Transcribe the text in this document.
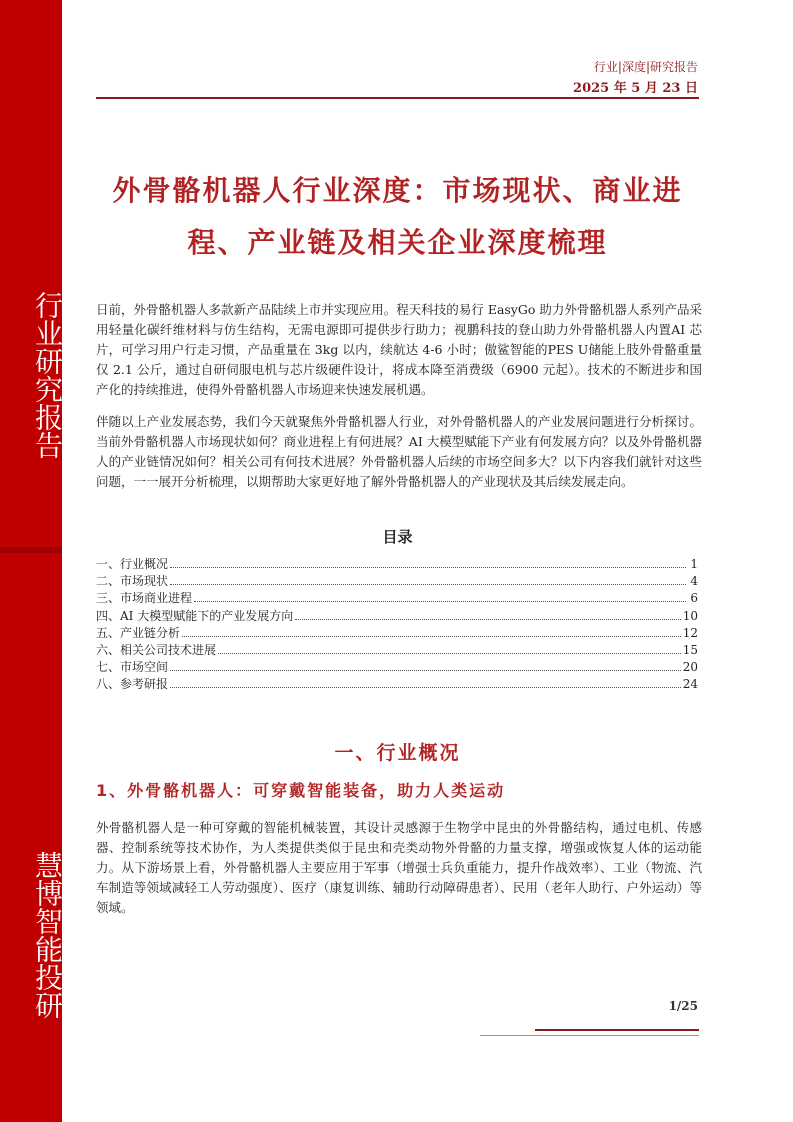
行业研究报告
慧博智能投研
行业|深度|研究报告
2025 年 5 月 23 日
外骨骼机器人行业深度：市场现状、商业进程、产业链及相关企业深度梳理
日前，外骨骼机器人多款新产品陆续上市并实现应用。程天科技的易行 EasyGo 助力外骨骼机器人系列产品采用轻量化碳纤维材料与仿生结构，无需电源即可提供步行助力；视鹏科技的登山助力外骨骼机器人内置AI 芯片，可学习用户行走习惯，产品重量在 3kg 以内，续航达 4-6 小时；傲鲨智能的PES U储能上肢外骨骼重量仅 2.1 公斤，通过自研伺服电机与芯片级硬件设计，将成本降至消费级（6900 元起）。技术的不断进步和国产化的持续推进，使得外骨骼机器人市场迎来快速发展机遇。
伴随以上产业发展态势，我们今天就聚焦外骨骼机器人行业，对外骨骼机器人的产业发展问题进行分析探讨。当前外骨骼机器人市场现状如何？商业进程上有何进展？AI 大模型赋能下产业有何发展方向？以及外骨骼机器人的产业链情况如何？相关公司有何技术进展？外骨骼机器人后续的市场空间多大？以下内容我们就针对这些问题，一一展开分析梳理，以期帮助大家更好地了解外骨骼机器人的产业现状及其后续发展走向。
目录
一、行业概况	1
二、市场现状	4
三、市场商业进程	6
四、AI 大模型赋能下的产业发展方向	10
五、产业链分析	12
六、相关公司技术进展	15
七、市场空间	20
八、参考研报	24
一、行业概况
1、外骨骼机器人：可穿戴智能装备，助力人类运动
外骨骼机器人是一种可穿戴的智能机械装置，其设计灵感源于生物学中昆虫的外骨骼结构，通过电机、传感器、控制系统等技术协作，为人类提供类似于昆虫和壳类动物外骨骼的力量支撑，增强或恢复人体的运动能力。从下游场景上看，外骨骼机器人主要应用于军事（增强士兵负重能力，提升作战效率）、工业（物流、汽车制造等领域减轻工人劳动强度）、医疗（康复训练、辅助行动障碍患者）、民用（老年人助行、户外运动）等领域。
1/25
